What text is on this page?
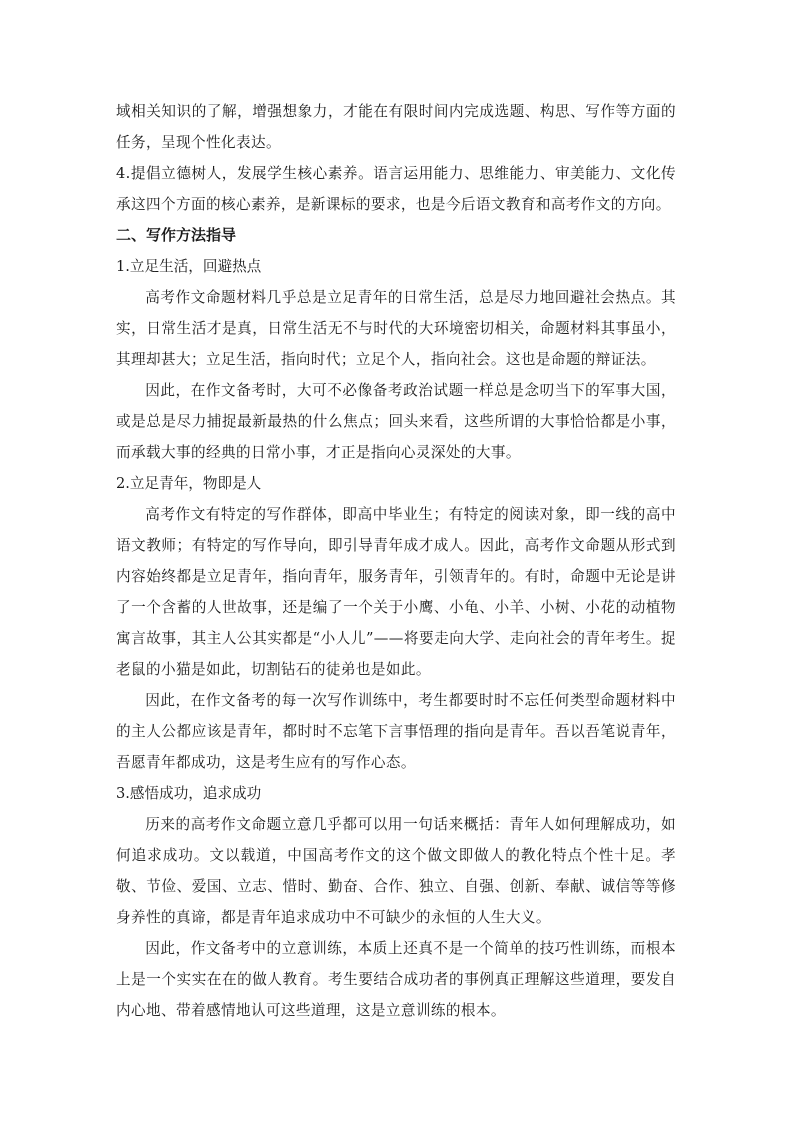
域相关知识的了解，增强想象力，才能在有限时间内完成选题、构思、写作等方面的任务，呈现个性化表达。

4.提倡立德树人，发展学生核心素养。语言运用能力、思维能力、审美能力、文化传承这四个方面的核心素养，是新课标的要求，也是今后语文教育和高考作文的方向。

二、写作方法指导

1.立足生活，回避热点

高考作文命题材料几乎总是立足青年的日常生活，总是尽力地回避社会热点。其实，日常生活才是真，日常生活无不与时代的大环境密切相关，命题材料其事虽小，其理却甚大；立足生活，指向时代；立足个人，指向社会。这也是命题的辩证法。

因此，在作文备考时，大可不必像备考政治试题一样总是念叨当下的军事大国，或是总是尽力捕捉最新最热的什么焦点；回头来看，这些所谓的大事恰恰都是小事，而承载大事的经典的日常小事，才正是指向心灵深处的大事。

2.立足青年，物即是人

高考作文有特定的写作群体，即高中毕业生；有特定的阅读对象，即一线的高中语文教师；有特定的写作导向，即引导青年成才成人。因此，高考作文命题从形式到内容始终都是立足青年，指向青年，服务青年，引领青年的。有时，命题中无论是讲了一个含蓄的人世故事，还是编了一个关于小鹰、小龟、小羊、小树、小花的动植物寓言故事，其主人公其实都是“小人儿”——将要走向大学、走向社会的青年考生。捉老鼠的小猫是如此，切割钻石的徒弟也是如此。

因此，在作文备考的每一次写作训练中，考生都要时时不忘任何类型命题材料中的主人公都应该是青年，都时时不忘笔下言事悟理的指向是青年。吾以吾笔说青年，吾愿青年都成功，这是考生应有的写作心态。

3.感悟成功，追求成功

历来的高考作文命题立意几乎都可以用一句话来概括：青年人如何理解成功，如何追求成功。文以载道，中国高考作文的这个做文即做人的教化特点个性十足。孝敬、节俭、爱国、立志、惜时、勤奋、合作、独立、自强、创新、奉献、诚信等等修身养性的真谛，都是青年追求成功中不可缺少的永恒的人生大义。

因此，作文备考中的立意训练，本质上还真不是一个简单的技巧性训练，而根本上是一个实实在在的做人教育。考生要结合成功者的事例真正理解这些道理，要发自内心地、带着感情地认可这些道理，这是立意训练的根本。
